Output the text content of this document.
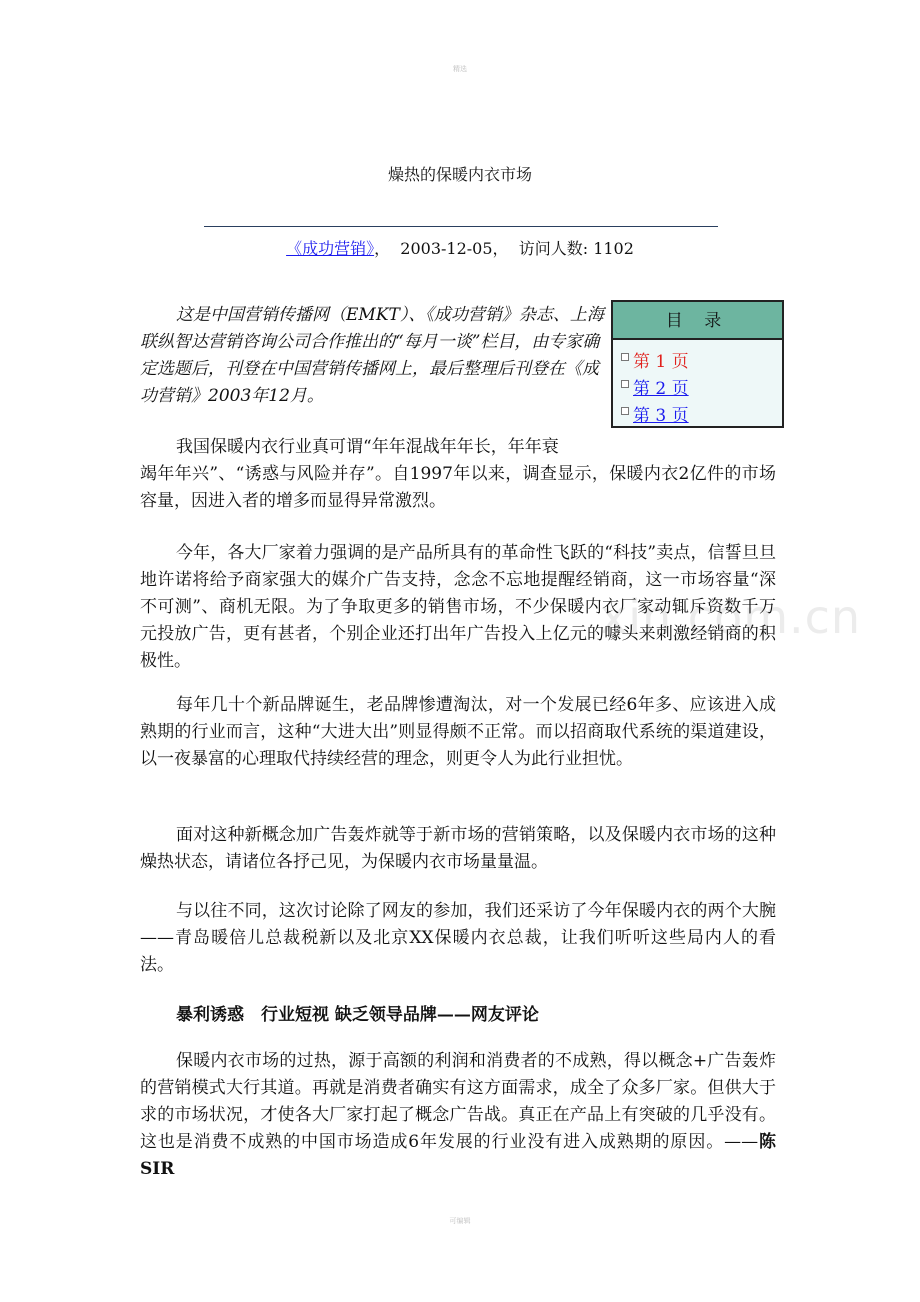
精选
xin.com.cn
燥热的保暖内衣市场
《成功营销》， 2003-12-05， 访问人数: 1102

这是中国营销传播网（EMKT）、《成功营销》杂志、上海联纵智达营销咨询公司合作推出的“每月一谈”栏目，由专家确定选题后，刊登在中国营销传播网上，最后整理后刊登在《成功营销》2003年12月。

目 录
第 1 页
第 2 页
第 3 页

我国保暖内衣行业真可谓“年年混战年年长，年年衰

竭年年兴”、“诱惑与风险并存”。自1997年以来，调查显示，保暖内衣2亿件的市场容量，因进入者的增多而显得异常激烈。

今年，各大厂家着力强调的是产品所具有的革命性飞跃的“科技”卖点，信誓旦旦地许诺将给予商家强大的媒介广告支持，念念不忘地提醒经销商，这一市场容量“深不可测”、商机无限。为了争取更多的销售市场，不少保暖内衣厂家动辄斥资数千万元投放广告，更有甚者，个别企业还打出年广告投入上亿元的噱头来刺激经销商的积极性。

每年几十个新品牌诞生，老品牌惨遭淘汰，对一个发展已经6年多、应该进入成熟期的行业而言，这种“大进大出”则显得颇不正常。而以招商取代系统的渠道建设，以一夜暴富的心理取代持续经营的理念，则更令人为此行业担忧。

面对这种新概念加广告轰炸就等于新市场的营销策略，以及保暖内衣市场的这种燥热状态，请诸位各抒己见，为保暖内衣市场量量温。

与以往不同，这次讨论除了网友的参加，我们还采访了今年保暖内衣的两个大腕——青岛暖倍儿总裁税新以及北京XX保暖内衣总裁，让我们听听这些局内人的看法。

暴利诱惑　行业短视 缺乏领导品牌——网友评论

保暖内衣市场的过热，源于高额的利润和消费者的不成熟，得以概念+广告轰炸的营销模式大行其道。再就是消费者确实有这方面需求，成全了众多厂家。但供大于求的市场状况，才使各大厂家打起了概念广告战。真正在产品上有突破的几乎没有。这也是消费不成熟的中国市场造成6年发展的行业没有进入成熟期的原因。——陈 SIR

可编辑
